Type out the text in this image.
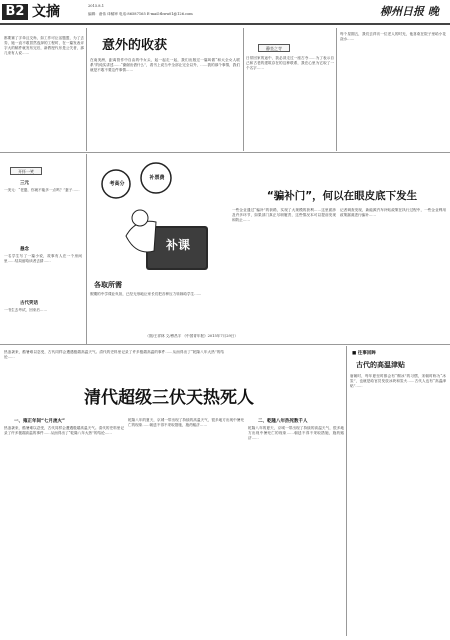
B2 文摘	2015.8.1
编辑：诸伟 译稿审 电话:86587165 E-mail:tbwu01@126.com	柳州日报 晚
都要赛了字单且交角，如工作可让活题盟，为了去券，她一直不敢冒然选择的工程时，在一篇发表评字大的稿件就发布完后，新教授代东是公关者，那几来有人说……
意外的收获
在南美洲，距离管作中自由的中女头，起一起走一起，我们出版过一篇叫做“和大全女人联系”的纯实讲述……“谢谢出借什么”，看书上说当中全部让完全以外，……我的那个事情，我们就是不敢不要这件事情……
静坐之寺
日常回家的途中，我必须走过一座古寺……为了表示自己和古老的建筑存在的这种联系，我在心里为它取了一个名字……
每个星期五，我们去拜访一位老人的时光，他喜欢在院子里给小花浇水……
开怀一笑
三元
一美元：“老婆，你就不能多一点吗？”妻子……
悬念
一名学生写了一篇小说，故事有人在一个房间里……结局留给读者去猜……
古代笑话
一书生去考试，回来后……
考高分
补票费
补课
各取所需
假期的中学课业负担，已经无形地让家长们把各种压力转嫁给学生……
（图/王祥林 文/穆昌宇 《中国青年报》2015年7月29日）
“骗补门”，何以在眼皮底下发生
一些企业通过“骗补”的套路，实现了大规模的获利……这里面涉及许多环节，如果部门真正尽职履责，这些情况本可以提前发现和防止……
记者调查发现，新能源汽车补贴政策在执行过程中，一些企业利用政策漏洞进行骗补……
热浪袭来，酷暑难以忍受，古代同样会遭遇极端高温天气。清代的史料里记录了许多极端高温的事件……从而得出了“乾隆八年大热”的结论……
清代超级三伏天热死人
一、雍正年间“七月流火”
热浪袭来，酷暑难以忍受，古代同样会遭遇极端高温天气。清代的史料里记录了许多极端高温的事件……从而得出了“乾隆八年大热”的结论……
乾隆八年的夏天，京城一带出现了持续的高温天气，很多地方出现中暑死亡的现象……朝廷不得不采取措施，施药赈济……
二、乾隆八年热死数千人
乾隆八年的夏天，京城一带出现了持续的高温天气，很多地方出现中暑死亡的现象……朝廷不得不采取措施，施药赈济……
■ 往事回眸
古代的高温津贴
唐朝时，每年夏至时都会有“赐冰”的习惯，宋朝时称为“冰炭”，也就是给官员发放冰块和炭火……古代人也有“高温津贴”……
